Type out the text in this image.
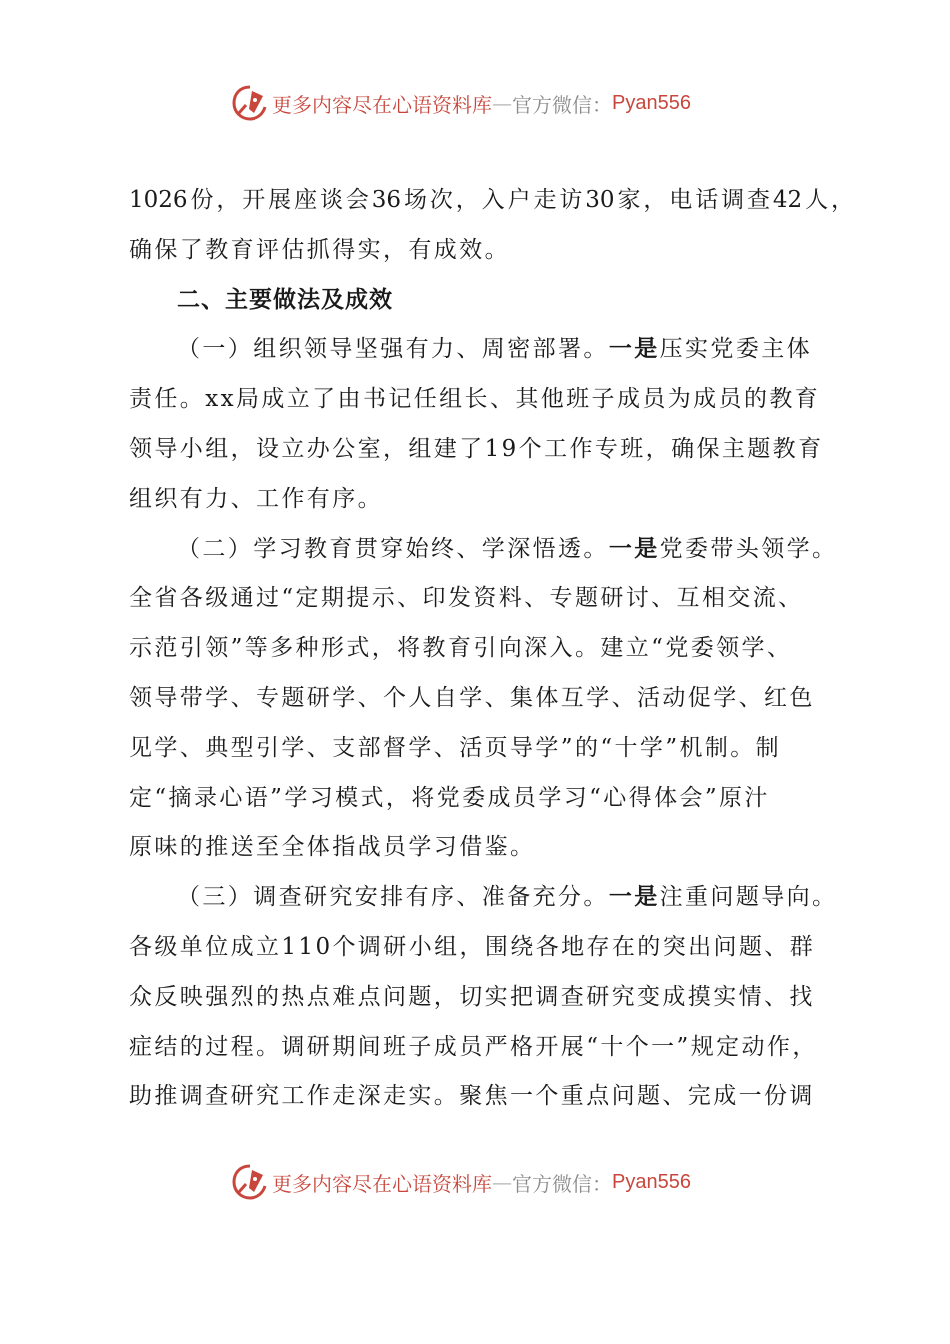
更多内容尽在心语资料库 — 官方微信： Pyan556
1026份，开展座谈会36场次，入户走访30家，电话调查42人，
确保了教育评估抓得实，有成效。
二、主要做法及成效
（一）组织领导坚强有力、周密部署。一是压实党委主体
责任。xx局成立了由书记任组长、其他班子成员为成员的教育
领导小组，设立办公室，组建了19个工作专班，确保主题教育
组织有力、工作有序。
（二）学习教育贯穿始终、学深悟透。一是党委带头领学。
全省各级通过“定期提示、印发资料、专题研讨、互相交流、
示范引领”等多种形式，将教育引向深入。建立“党委领学、
领导带学、专题研学、个人自学、集体互学、活动促学、红色
见学、典型引学、支部督学、活页导学”的“十学”机制。制
定“摘录心语”学习模式，将党委成员学习“心得体会”原汁
原味的推送至全体指战员学习借鉴。
（三）调查研究安排有序、准备充分。一是注重问题导向。
各级单位成立110个调研小组，围绕各地存在的突出问题、群
众反映强烈的热点难点问题，切实把调查研究变成摸实情、找
症结的过程。调研期间班子成员严格开展“十个一”规定动作，
助推调查研究工作走深走实。聚焦一个重点问题、完成一份调
更多内容尽在心语资料库 — 官方微信： Pyan556
